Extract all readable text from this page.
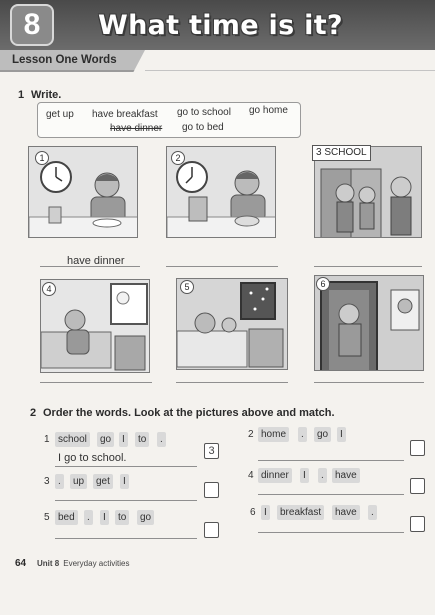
8	What time is it?
Lesson One Words
1 Write.
get up have breakfast go to school go home
have dinner go to bed
1	2	3 SCHOOL
have dinner
4	5	6
2 Order the words. Look at the pictures above and match.
1 school	go	I	to	.
I go to school.
3
2 home	.	go	I
3 .	up	get	I
4 dinner	I	.	have
5 bed	.	I	to	go	6 I	breakfast	have	.
64 Unit 8 Everyday activities
